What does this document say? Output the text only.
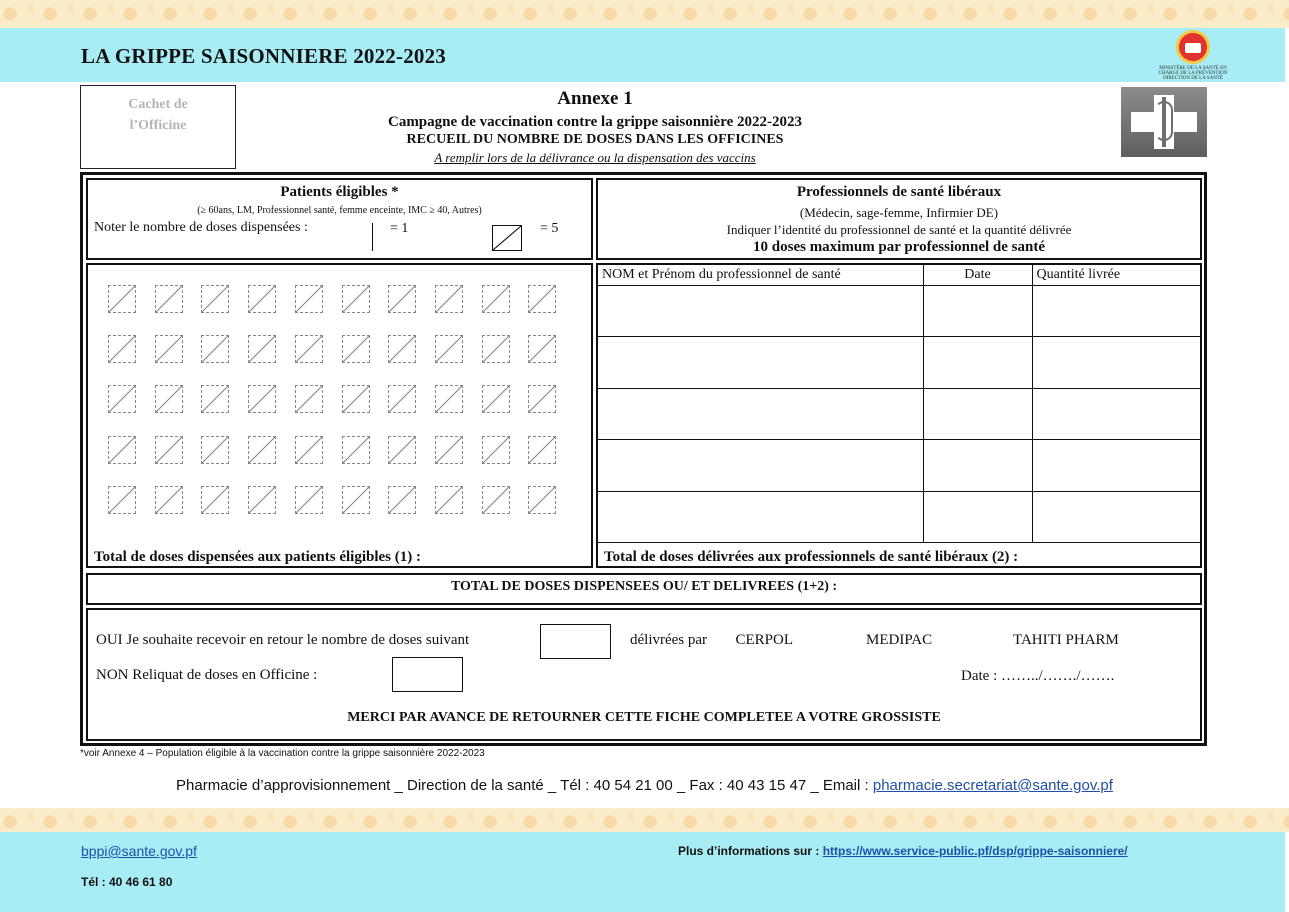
LA GRIPPE SAISONNIERE 2022-2023
MINISTÈRE DE LA SANTÉ EN CHARGE DE LA PRÉVENTION DIRECTION DE LA SANTÉ
Cachet de
l’Officine
Annexe 1
Campagne de vaccination contre la grippe saisonnière 2022-2023
RECUEIL DU NOMBRE DE DOSES DANS LES OFFICINES
A remplir lors de la délivrance ou la dispensation des vaccins
Patients éligibles *
(≥ 60ans, LM, Professionnel santé, femme enceinte, IMC ≥ 40, Autres)
Noter le nombre de doses dispensées :	= 1	= 5
Professionnels de santé libéraux
(Médecin, sage-femme, Infirmier DE)
Indiquer l’identité du professionnel de santé et la quantité délivrée
10 doses maximum par professionnel de santé
Total de doses dispensées aux patients éligibles (1) :
NOM et Prénom du professionnel de santé	Date	Quantité livrée

Total de doses délivrées aux professionnels de santé libéraux (2) :
TOTAL DE DOSES DISPENSEES OU/ ET DELIVREES (1+2) :
OUI Je souhaite recevoir en retour le nombre de doses suivant	délivrées par	CERPOL	MEDIPAC	TAHITI PHARM
NON Reliquat de doses en Officine :	Date : ……../……./…….
MERCI PAR AVANCE DE RETOURNER CETTE FICHE COMPLETEE A VOTRE GROSSISTE
*voir Annexe 4 – Population éligible à la vaccination contre la grippe saisonnière 2022-2023
Pharmacie d’approvisionnement _ Direction de la santé _ Tél : 40 54 21 00 _ Fax : 40 43 15 47 _ Email : pharmacie.secretariat@sante.gov.pf
bppi@sante.gov.pf
Tél : 40 46 61 80
Plus d’informations sur : https://www.service-public.pf/dsp/grippe-saisonniere/
